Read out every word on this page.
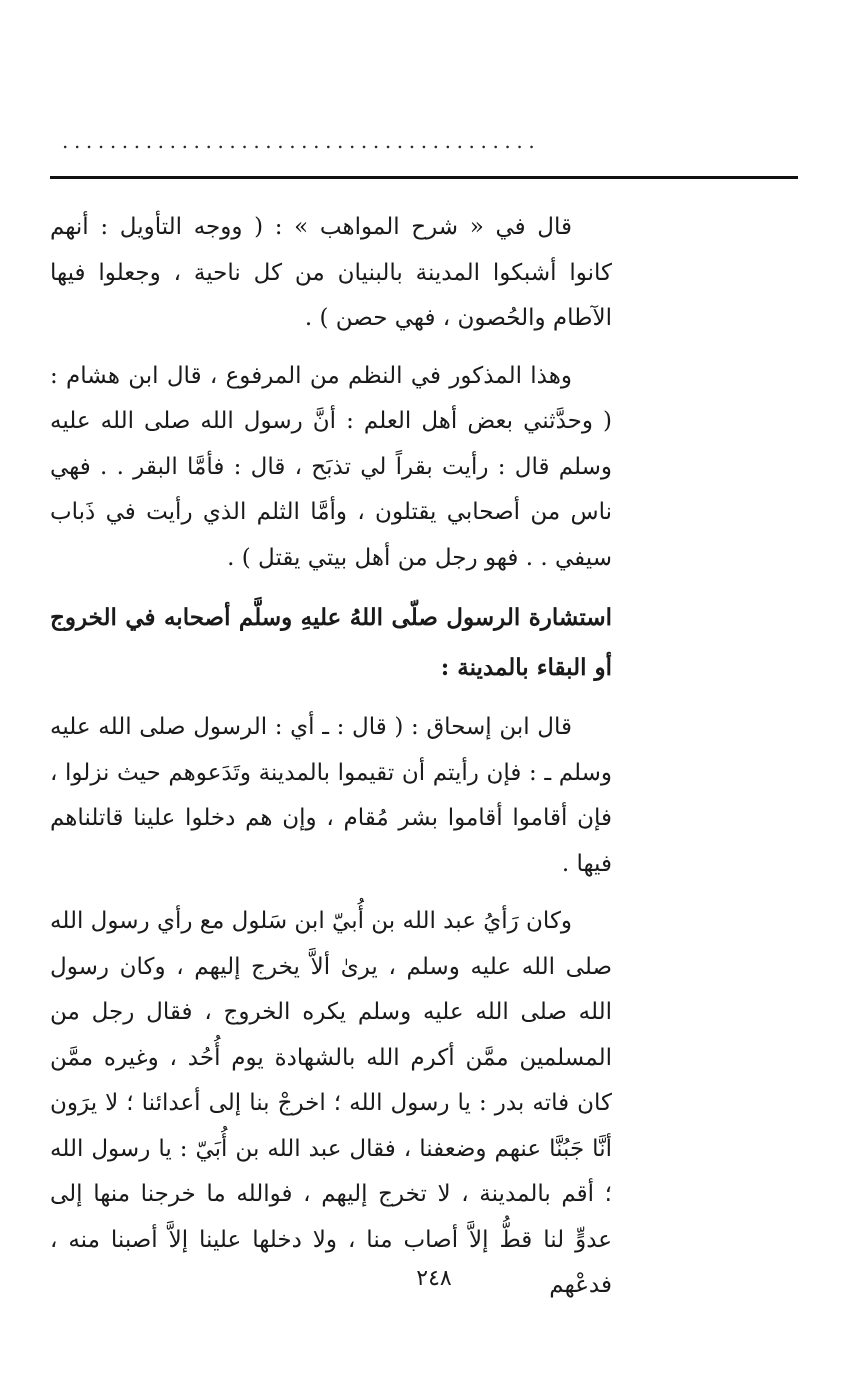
........................................

قال في « شرح المواهب » : ( ووجه التأويل : أنهم كانوا أشبكوا المدينة بالبنيان من كل ناحية ، وجعلوا فيها الآطام والحُصون ، فهي حصن ) .

وهذا المذكور في النظم من المرفوع ، قال ابن هشام : ( وحدَّثني بعض أهل العلم : أنَّ رسول الله صلى الله عليه وسلم قال : رأيت بقراً لي تذبَح ، قال : فأمَّا البقر . . فهي ناس من أصحابي يقتلون ، وأمَّا الثلم الذي رأيت في ذَباب سيفي . . فهو رجل من أهل بيتي يقتل ) .

استشارة الرسول صلّى اللهُ عليهِ وسلَّم أصحابه في الخروج أو البقاء بالمدينة :

قال ابن إسحاق : ( قال : ـ أي : الرسول صلى الله عليه وسلم ـ : فإن رأيتم أن تقيموا بالمدينة وتَدَعوهم حيث نزلوا ، فإن أقاموا أقاموا بشر مُقام ، وإن هم دخلوا علينا قاتلناهم فيها .

وكان رَأيُ عبد الله بن أُبيّ ابن سَلول مع رأي رسول الله صلى الله عليه وسلم ، يرىٰ ألاَّ يخرج إليهم ، وكان رسول الله صلى الله عليه وسلم يكره الخروج ، فقال رجل من المسلمين ممَّن أكرم الله بالشهادة يوم أُحُد ، وغيره ممَّن كان فاته بدر : يا رسول الله ؛ اخرجْ بنا إلى أعدائنا ؛ لا يرَون أنَّا جَبُنَّا عنهم وضعفنا ، فقال عبد الله بن أُبَيّ : يا رسول الله ؛ أقم بالمدينة ، لا تخرج إليهم ، فوالله ما خرجنا منها إلى عدوٍّ لنا قطُّ إلاَّ أصاب منا ، ولا دخلها علينا إلاَّ أصبنا منه ، فدعْهم

٢٤٨
